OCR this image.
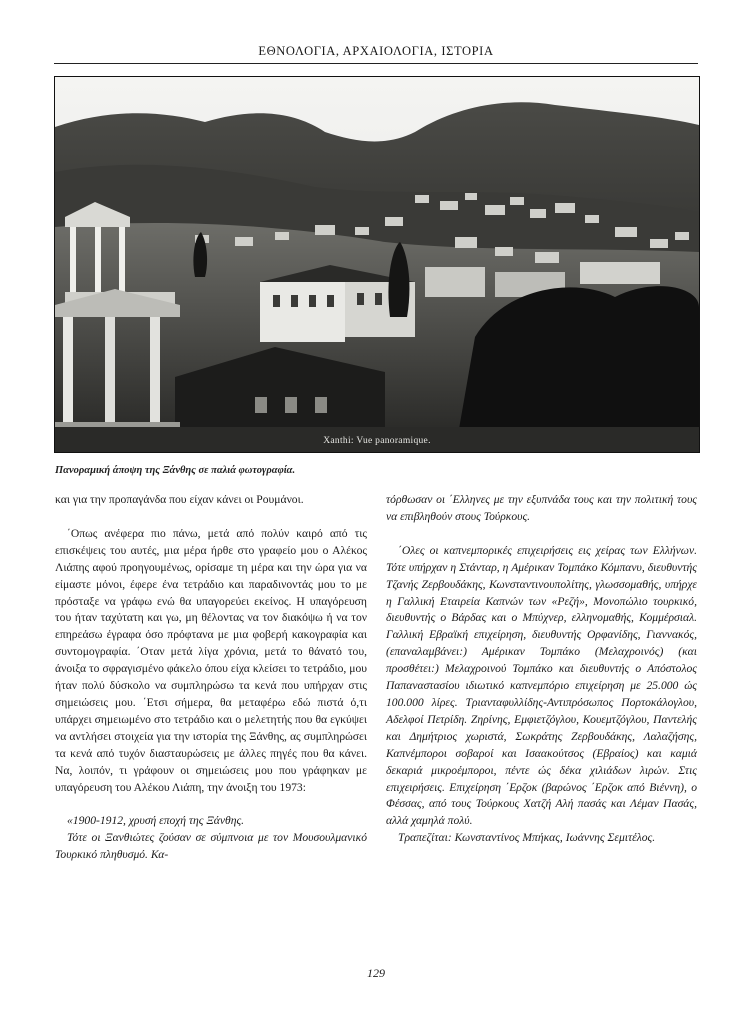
ΕΘΝΟΛΟΓΙΑ, ΑΡΧΑΙΟΛΟΓΙΑ, ΙΣΤΟΡΙΑ
Xanthi: Vue panoramique.
Πανοραμική άποψη της Ξάνθης σε παλιά φωτογραφία.

και για την προπαγάνδα που είχαν κάνει οι Ρουμάνοι.

΄Οπως ανέφερα πιο πάνω, μετά από πολύν καιρό από τις επισκέψεις του αυτές, μια μέρα ήρθε στο γραφείο μου ο Αλέκος Λιάπης αφού προηγουμένως, ορίσαμε τη μέρα και την ώρα για να είμαστε μόνοι, έφερε ένα τετράδιο και παραδινοντάς μου το με πρόσταξε να γράφω ενώ θα υπαγορεύει εκείνος. Η υπαγόρευση του ήταν ταχύτατη και γω, μη θέλοντας να τον διακόψω ή να τον επηρεάσω έγραφα όσο πρόφτανα με μια φοβερή κακογραφία και συντομογραφία. ΄Οταν μετά λίγα χρόνια, μετά το θάνατό του, άνοιξα το σφραγισμένο φάκελο όπου είχα κλείσει το τετράδιο, μου ήταν πολύ δύσκολο να συμπληρώσω τα κενά που υπήρχαν στις σημειώσεις μου. ΄Ετσι σήμερα, θα μεταφέρω εδώ πιστά ό,τι υπάρχει σημειωμένο στο τετράδιο και ο μελετητής που θα εγκύψει να αντλήσει στοιχεία για την ιστορία της Ξάνθης, ας συμπληρώσει τα κενά από τυχόν διασταυρώσεις με άλλες πηγές που θα κάνει. Να, λοιπόν, τι γράφουν οι σημειώσεις μου που γράφηκαν με υπαγόρευση του Αλέκου Λιάπη, την άνοιξη του 1973:

«1900-1912, χρυσή εποχή της Ξάνθης.

Τότε οι Ξανθιώτες ζούσαν σε σύμπνοια με τον Μουσουλμανικό Τουρκικό πληθυσμό. Κα-

τόρθωσαν οι ΄Ελληνες με την εξυπνάδα τους και την πολιτική τους να επιβληθούν στους Τούρκους.

΄Ολες οι καπνεμπορικές επιχειρήσεις εις χείρας των Ελλήνων. Τότε υπήρχαν η Στάνταρ, η Αμέρικαν Τομπάκο Κόμπανυ, διευθυντής Τζανής Ζερβουδάκης, Κωνσταντινουπολίτης, γλωσσομαθής, υπήρχε η Γαλλική Εταιρεία Καπνών των «Ρεζή», Μονοπώλιο τουρκικό, διευθυντής ο Βάρδας και ο Μπύχνερ, ελληνομαθής, Κομμέρσιαλ. Γαλλική Εβραϊκή επιχείρηση, διευθυντής Ορφανίδης, Γιαννακός, (επαναλαμβάνει:) Αμέρικαν Τομπάκο (Μελαχροινός) (και προσθέτει:) Μελαχροινού Τομπάκο και διευθυντής ο Απόστολος Παπαναστασίου ιδιωτικό καπνεμπόριο επιχείρηση με 25.000 ώς 100.000 λίρες. Τριανταφυλλίδης-Αντιπρόσωπος Πορτοκάλογλου, Αδελφοί Πετρίδη. Ζηρίνης, Εμφιετζόγλου, Κουεμτζόγλου, Παντελής και Δημήτριος χωριστά, Σωκράτης Ζερβουδάκης, Λαλαζήσης, Καπνέμποροι σοβαροί και Ισαακούτσος (Εβραίος) και καμιά δεκαριά μικροέμποροι, πέντε ώς δέκα χιλιάδων λιρών. Στις επιχειρήσεις. Επιχείρηση ΄Ερζοκ (βαρώνος ΄Ερζοκ από Βιέννη), ο Φέσσας, από τους Τούρκους Χατζή Αλή πασάς και Λέμαν Πασάς, αλλά χαμηλά πολύ.

Τραπεζίται: Κωνσταντίνος Μπήκας, Ιωάννης Σεμιτέλος.

129
